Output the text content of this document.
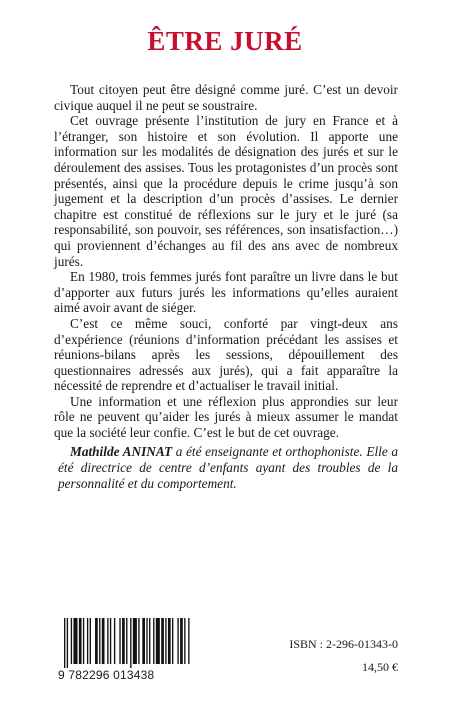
ÊTRE JURÉ

Tout citoyen peut être désigné comme juré. C’est un devoir civique auquel il ne peut se soustraire.

Cet ouvrage présente l’institution de jury en France et à l’étranger, son histoire et son évolution. Il apporte une information sur les modalités de désignation des jurés et sur le déroulement des assises. Tous les protagonistes d’un procès sont présentés, ainsi que la procédure depuis le crime jusqu’à son jugement et la description d’un procès d’assises. Le dernier chapitre est constitué de réflexions sur le jury et le juré (sa responsabilité, son pouvoir, ses références, son insatisfaction…) qui proviennent d’échanges au fil des ans avec de nombreux jurés.

En 1980, trois femmes jurés font paraître un livre dans le but d’apporter aux futurs jurés les informations qu’elles auraient aimé avoir avant de siéger.

C’est ce même souci, conforté par vingt-deux ans d’expérience (réunions d’information précédant les assises et réunions-bilans après les sessions, dépouillement des questionnaires adressés aux jurés), qui a fait apparaître la nécessité de reprendre et d’actualiser le travail initial.

Une information et une réflexion plus approndies sur leur rôle ne peuvent qu’aider les jurés à mieux assumer le mandat que la société leur confie. C’est le but de cet ouvrage.

Mathilde ANINAT a été enseignante et orthophoniste. Elle a été directrice de centre d’enfants ayant des troubles de la personnalité et du comportement.

9 782296 013438
ISBN : 2-296-01343-0
14,50 €
